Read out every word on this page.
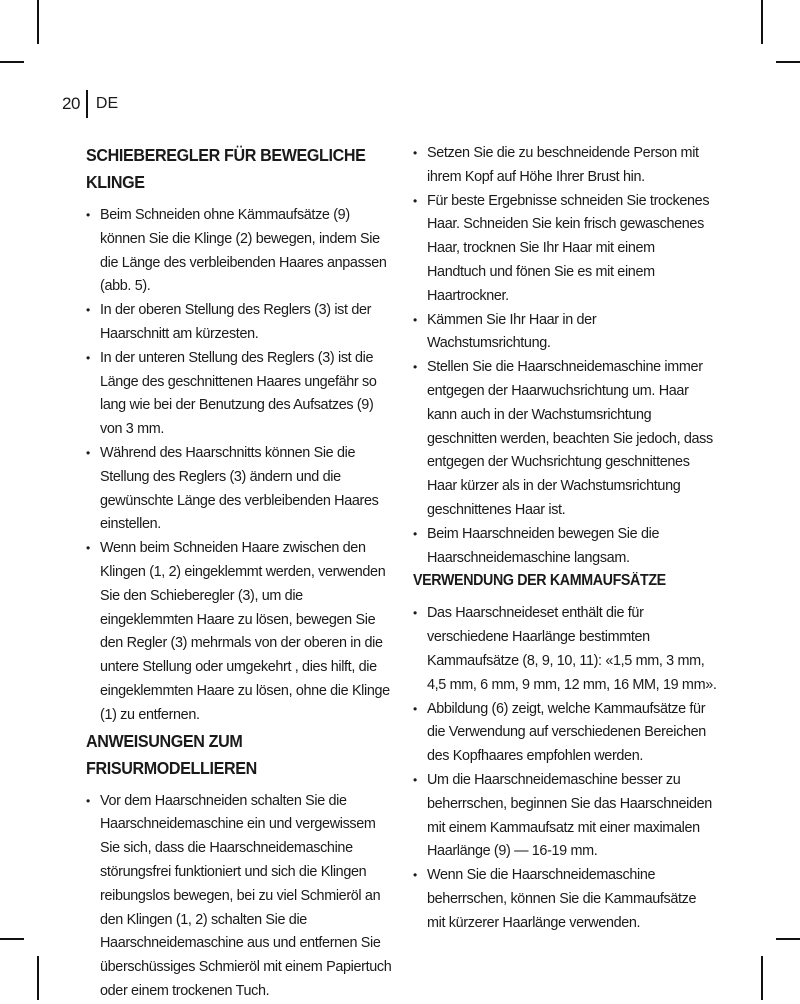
20 DE
SCHIEBEREGLER FÜR BEWEGLICHE KLINGE
• Beim Schneiden ohne Kämmaufsätze (9) können Sie die Klinge (2) bewegen, indem Sie die Länge des verbleibenden Haares anpassen (abb. 5).
• In der oberen Stellung des Reglers (3) ist der Haarschnitt am kürzesten.
• In der unteren Stellung des Reglers (3) ist die Länge des geschnittenen Haares ungefähr so lang wie bei der Benutzung des Aufsatzes (9) von 3 mm.
• Während des Haarschnitts können Sie die Stellung des Reglers (3) ändern und die gewünschte Länge des verbleibenden Haares einstellen.
• Wenn beim Schneiden Haare zwischen den Klingen (1, 2) eingeklemmt werden, verwenden Sie den Schieberegler (3), um die eingeklemmten Haare zu lösen, bewegen Sie den Regler (3) mehrmals von der oberen in die untere Stellung oder umgekehrt , dies hilft, die eingeklemmten Haare zu lösen, ohne die Klinge (1) zu entfernen.
ANWEISUNGEN ZUM FRISURMODELLIEREN
• Vor dem Haarschneiden schalten Sie die Haarschneidemaschine ein und vergewissem Sie sich, dass die Haarschneidemaschine störungsfrei funktioniert und sich die Klingen reibungslos bewegen, bei zu viel Schmieröl an den Klingen (1, 2) schalten Sie die Haarschneidemaschine aus und entfernen Sie überschüssiges Schmieröl mit einem Papiertuch oder einem trockenen Tuch.
• Setzen Sie die zu beschneidende Person mit ihrem Kopf auf Höhe Ihrer Brust hin.
• Für beste Ergebnisse schneiden Sie trockenes Haar. Schneiden Sie kein frisch gewaschenes Haar, trocknen Sie Ihr Haar mit einem Handtuch und fönen Sie es mit einem Haartrockner.
• Kämmen Sie Ihr Haar in der Wachstumsrichtung.
• Stellen Sie die Haarschneidemaschine immer entgegen der Haarwuchsrichtung um. Haar kann auch in der Wachstumsrichtung geschnitten werden, beachten Sie jedoch, dass entgegen der Wuchsrichtung geschnittenes Haar kürzer als in der Wachstumsrichtung geschnittenes Haar ist.
• Beim Haarschneiden bewegen Sie die Haarschneidemaschine langsam.
VERWENDUNG DER KAMMAUFSÄTZE
• Das Haarschneideset enthält die für verschiedene Haarlänge bestimmten Kammaufsätze (8, 9, 10, 11): «1,5 mm, 3 mm, 4,5 mm, 6 mm, 9 mm, 12 mm, 16 MM, 19 mm».
• Abbildung (6) zeigt, welche Kammaufsätze für die Verwendung auf verschiedenen Bereichen des Kopfhaares empfohlen werden.
• Um die Haarschneidemaschine besser zu beherrschen, beginnen Sie das Haarschneiden mit einem Kammaufsatz mit einer maximalen Haarlänge (9) — 16-19 mm.
• Wenn Sie die Haarschneidemaschine beherrschen, können Sie die Kammaufsätze mit kürzerer Haarlänge verwenden.
